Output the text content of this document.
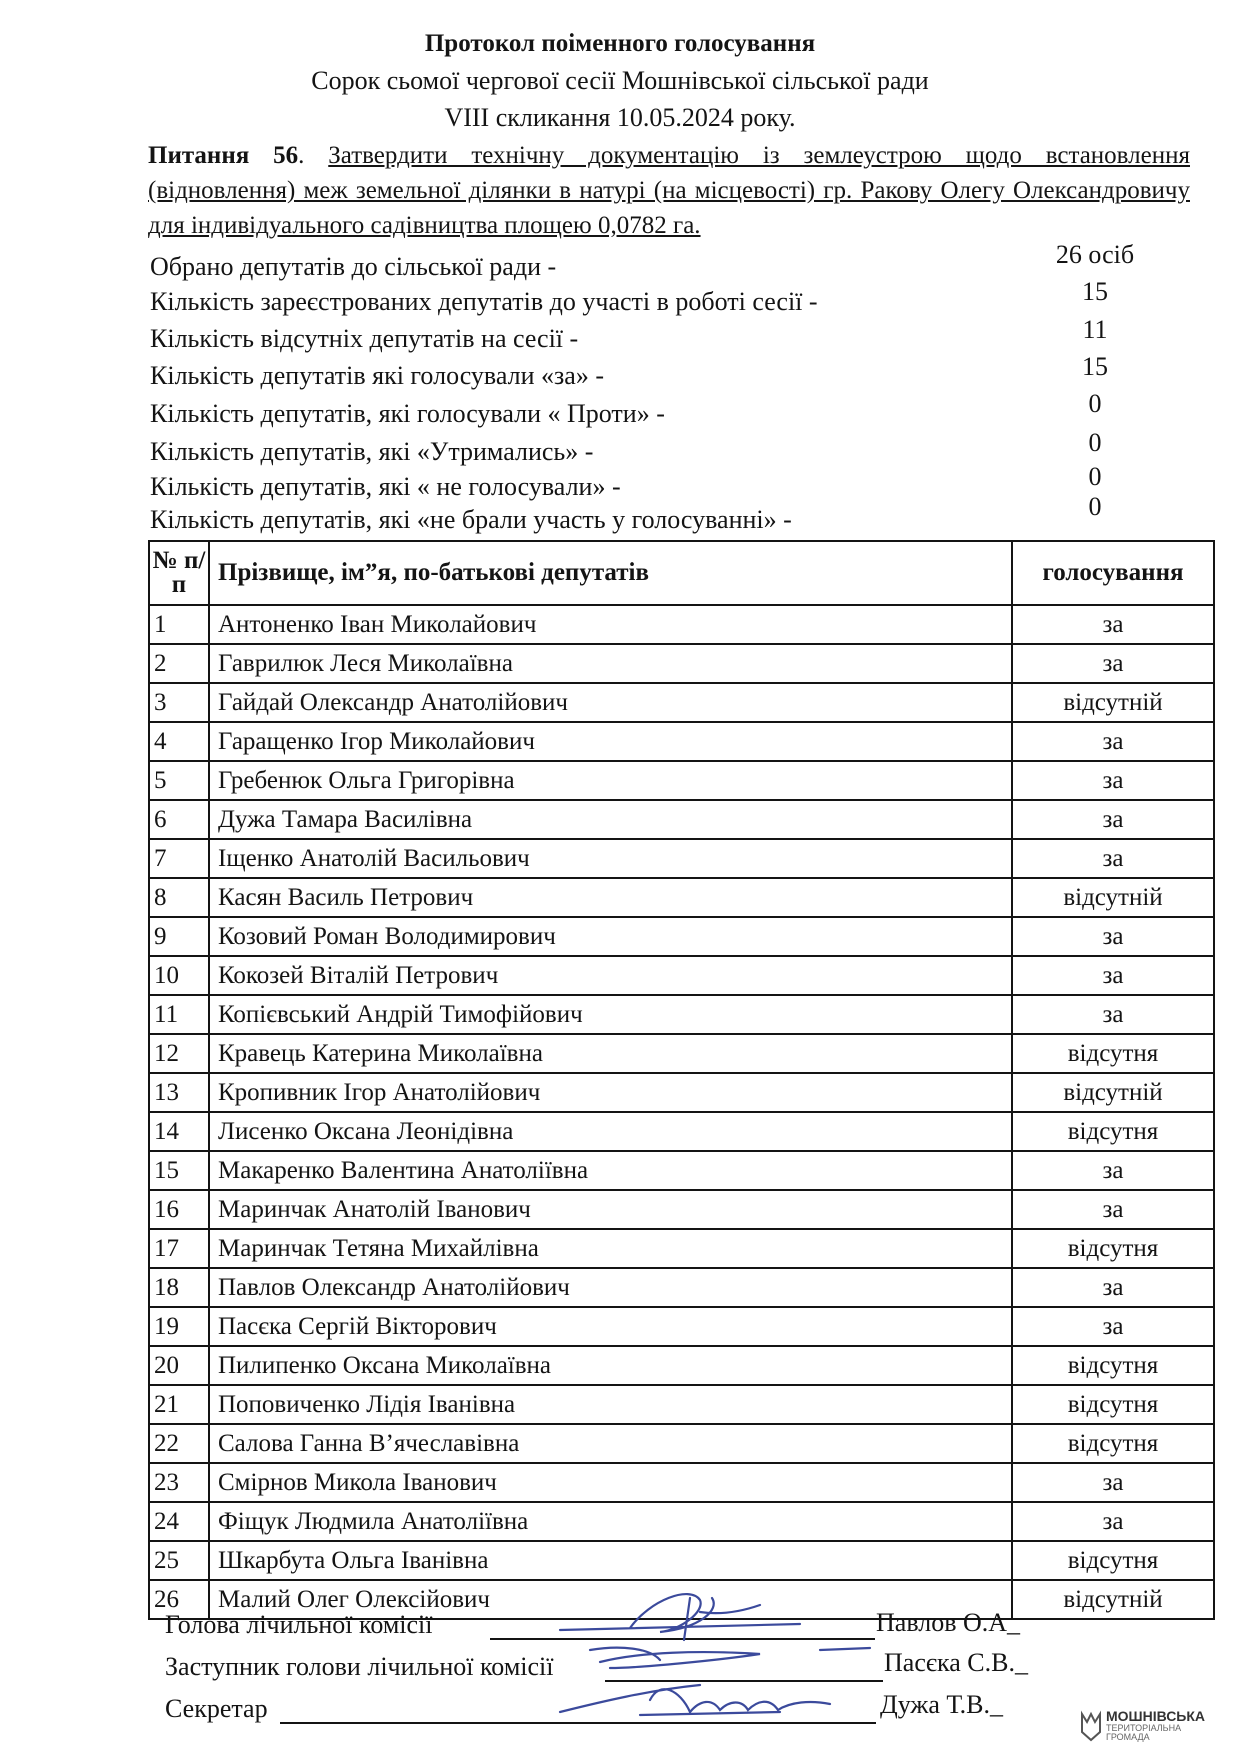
Протокол поіменного голосування
Сорок сьомої чергової сесії Мошнівської сільської ради
VIII скликання 10.05.2024 року.
Питання 56. Затвердити технічну документацію із землеустрою щодо встановлення (відновлення) меж земельної ділянки в натурі (на місцевості) гр. Ракову Олегу Олександровичу для індивідуального садівництва площею 0,0782 га.
Обрано депутатів до сільської ради -	26 осіб
Кількість зареєстрованих депутатів до участі в роботі сесії -	15
Кількість відсутніх депутатів на сесії -	11
Кількість депутатів які голосували «за» -	15
Кількість депутатів, які голосували « Проти» -	0
Кількість депутатів, які «Утримались» -	0
Кількість депутатів, які « не голосували» -	0
Кількість депутатів, які «не брали участь у голосуванні» -	0
№ п/п	Прізвище, ім”я, по-батькові депутатів	голосування
1	Антоненко Іван Миколайович	за
2	Гаврилюк Леся Миколаївна	за
3	Гайдай Олександр Анатолійович	відсутній
4	Гаращенко Ігор Миколайович	за
5	Гребенюк Ольга Григорівна	за
6	Дужа Тамара Василівна	за
7	Іщенко Анатолій Васильович	за
8	Касян Василь Петрович	відсутній
9	Козовий Роман Володимирович	за
10	Кокозей Віталій Петрович	за
11	Копієвський Андрій Тимофійович	за
12	Кравець Катерина Миколаївна	відсутня
13	Кропивник Ігор Анатолійович	відсутній
14	Лисенко Оксана Леонідівна	відсутня
15	Макаренко Валентина Анатоліївна	за
16	Маринчак Анатолій Іванович	за
17	Маринчак Тетяна Михайлівна	відсутня
18	Павлов Олександр Анатолійович	за
19	Пасєка Сергій Вікторович	за
20	Пилипенко Оксана Миколаївна	відсутня
21	Поповиченко Лідія Іванівна	відсутня
22	Салова Ганна В’ячеславівна	відсутня
23	Смірнов Микола Іванович	за
24	Фіщук Людмила Анатоліївна	за
25	Шкарбута Ольга Іванівна	відсутня
26	Малий Олег Олексійович	відсутній
Голова лічильної комісії	Павлов О.А_
Заступник голови лічильної комісії	Пасєка С.В._
Секретар	Дужа Т.В._	МОШНІВСЬКА
ТЕРИТОРІАЛЬНА ГРОМАДА
